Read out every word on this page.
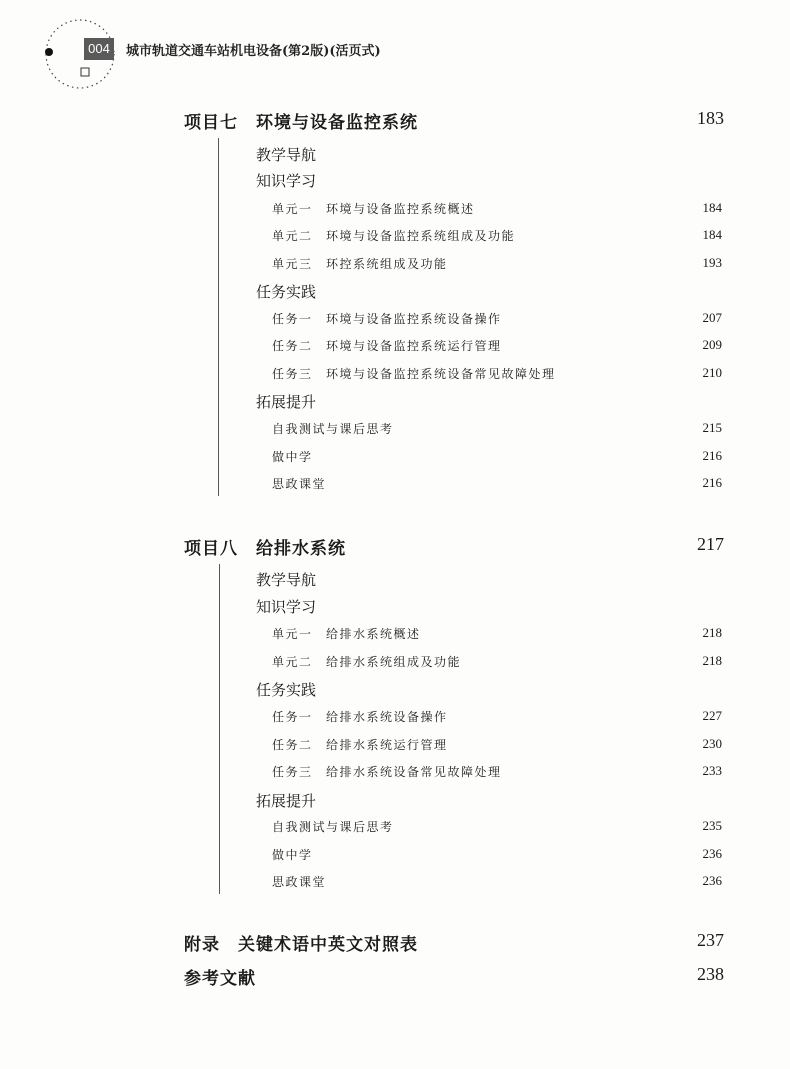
004	城市轨道交通车站机电设备(第2版)(活页式)
项目七　环境与设备监控系统	183
教学导航
知识学习
单元一　环境与设备监控系统概述	184
单元二　环境与设备监控系统组成及功能	184
单元三　环控系统组成及功能	193
任务实践
任务一　环境与设备监控系统设备操作	207
任务二　环境与设备监控系统运行管理	209
任务三　环境与设备监控系统设备常见故障处理	210
拓展提升
自我测试与课后思考	215
做中学	216
思政课堂	216
项目八　给排水系统	217
教学导航
知识学习
单元一　给排水系统概述	218
单元二　给排水系统组成及功能	218
任务实践
任务一　给排水系统设备操作	227
任务二　给排水系统运行管理	230
任务三　给排水系统设备常见故障处理	233
拓展提升
自我测试与课后思考	235
做中学	236
思政课堂	236
附录　关键术语中英文对照表	237
参考文献	238
